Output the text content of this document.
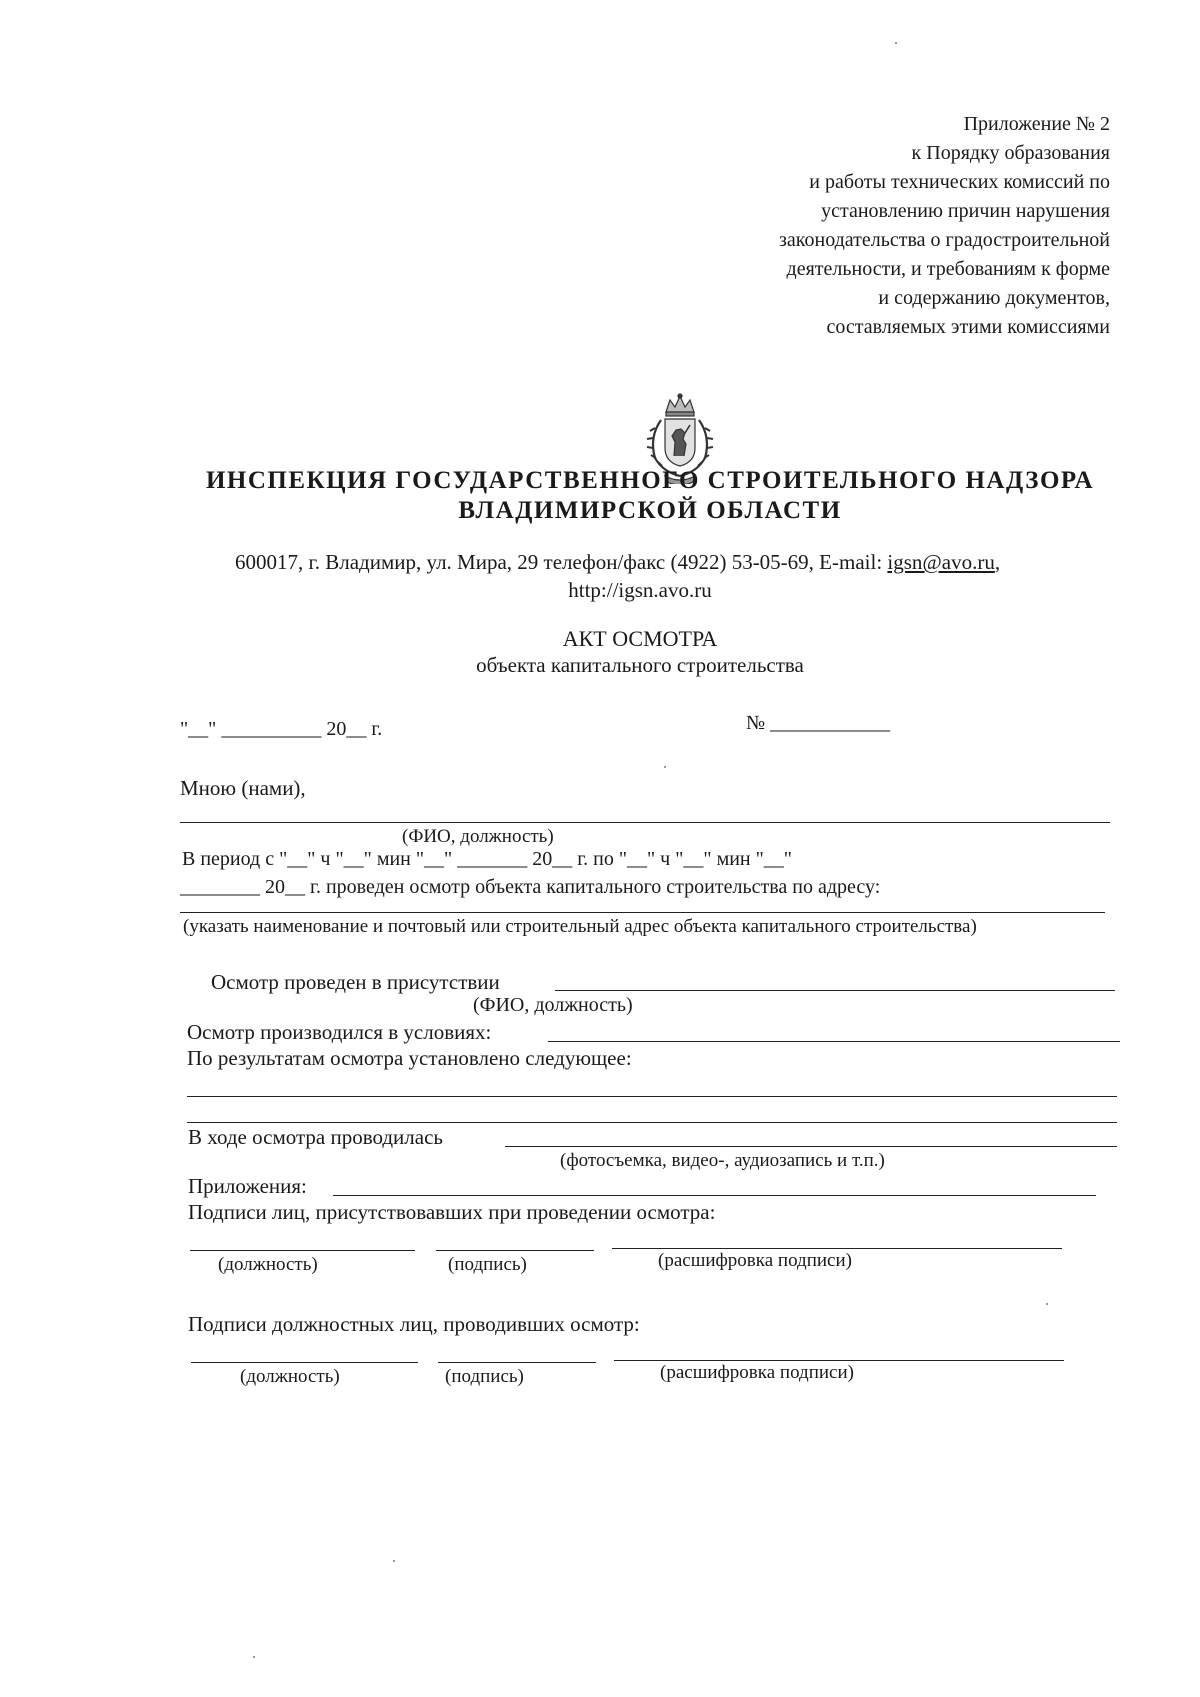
Приложение № 2
к Порядку образования
и работы технических комиссий по
установлению причин нарушения
законодательства о градостроительной
деятельности, и требованиям к форме
и содержанию документов,
составляемых этими комиссиями
ИНСПЕКЦИЯ ГОСУДАРСТВЕННОГО СТРОИТЕЛЬНОГО НАДЗОРА
ВЛАДИМИРСКОЙ ОБЛАСТИ
600017, г. Владимир, ул. Мира, 29 телефон/факс (4922) 53-05-69, E-mail: igsn@avo.ru,
http://igsn.avo.ru
АКТ ОСМОТРА
объекта капитального строительства
"__" __________ 20__ г.	№ ____________
Мною (нами),
(ФИО, должность)
В период с "__" ч "__" мин "__" _______ 20__ г. по "__" ч "__" мин "__"
________ 20__ г. проведен осмотр объекта капитального строительства по адресу:
(указать наименование и почтовый или строительный адрес объекта капитального строительства)
Осмотр проведен в присутствии
(ФИО, должность)
Осмотр производился в условиях:
По результатам осмотра установлено следующее:
В ходе осмотра проводилась
(фотосъемка, видео-, аудиозапись и т.п.)
Приложения:
Подписи лиц, присутствовавших при проведении осмотра:
(должность)	(подпись)	(расшифровка подписи)
Подписи должностных лиц, проводивших осмотр:
(должность)	(подпись)	(расшифровка подписи)
